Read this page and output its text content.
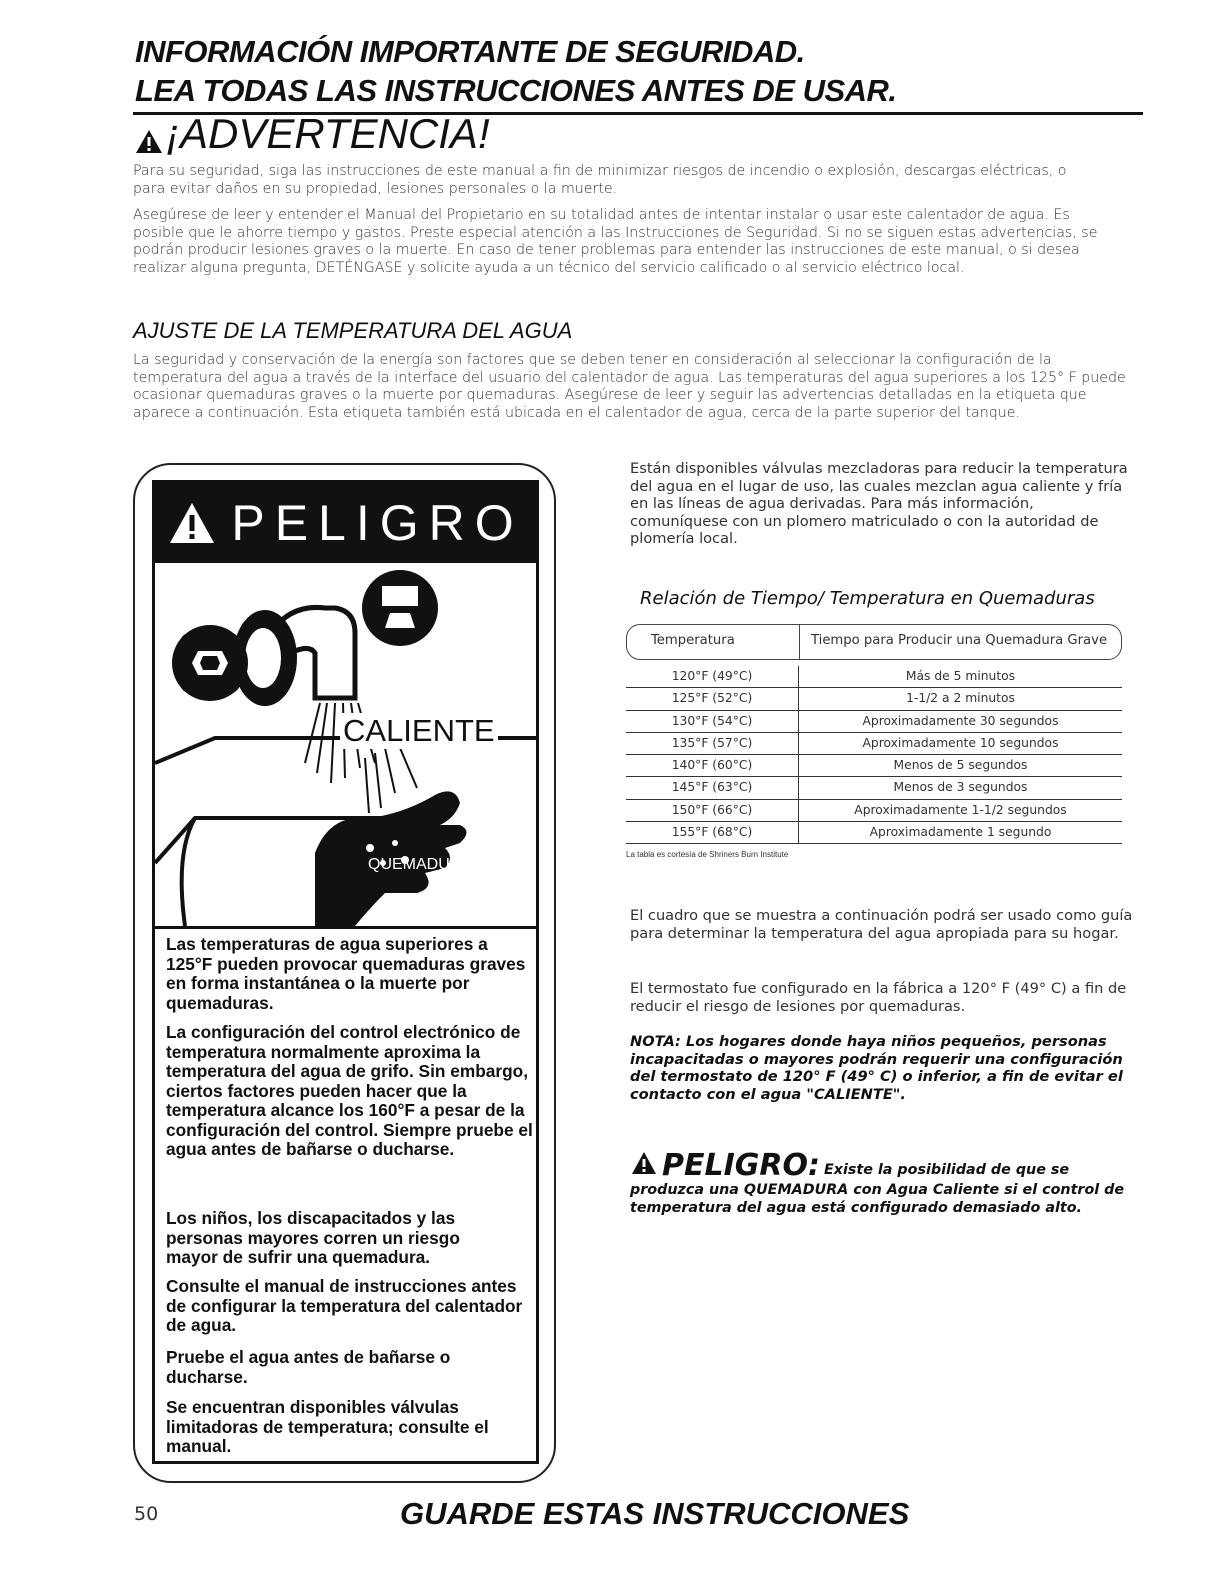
INFORMACIÓN IMPORTANTE DE SEGURIDAD.
LEA TODAS LAS INSTRUCCIONES ANTES DE USAR.
¡ADVERTENCIA!
Para su seguridad, siga las instrucciones de este manual a fin de minimizar riesgos de incendio o explosión, descargas eléctricas, o para evitar daños en su propiedad, lesiones personales o la muerte.
Asegúrese de leer y entender el Manual del Propietario en su totalidad antes de intentar instalar o usar este calentador de agua. Es posible que le ahorre tiempo y gastos. Preste especial atención a las Instrucciones de Seguridad. Si no se siguen estas advertencias, se podrán producir lesiones graves o la muerte. En caso de tener problemas para entender las instrucciones de este manual, o si desea realizar alguna pregunta, DETÉNGASE y solicite ayuda a un técnico del servicio calificado o al servicio eléctrico local.
AJUSTE DE LA TEMPERATURA DEL AGUA
La seguridad y conservación de la energía son factores que se deben tener en consideración al seleccionar la configuración de la temperatura del agua a través de la interface del usuario del calentador de agua. Las temperaturas del agua superiores a los 125° F puede ocasionar quemaduras graves o la muerte por quemaduras. Asegúrese de leer y seguir las advertencias detalladas en la etiqueta que aparece a continuación. Esta etiqueta también está ubicada en el calentador de agua, cerca de la parte superior del tanque.
PELIGRO
CALIENTE
QUEMADURAS
Las temperaturas de agua superiores a 125°F pueden provocar quemaduras graves en forma instantánea o la muerte por quemaduras.
La configuración del control electrónico de temperatura normalmente aproxima la temperatura del agua de grifo. Sin embargo, ciertos factores pueden hacer que la temperatura alcance los 160°F a pesar de la configuración del control. Siempre pruebe el agua antes de bañarse o ducharse.
Los niños, los discapacitados y las personas mayores corren un riesgo mayor de sufrir una quemadura.
Consulte el manual de instrucciones antes de configurar la temperatura del calentador de agua.
Pruebe el agua antes de bañarse o ducharse.
Se encuentran disponibles válvulas limitadoras de temperatura; consulte el manual.
Están disponibles válvulas mezcladoras para reducir la temperatura del agua en el lugar de uso, las cuales mezclan agua caliente y fría en las líneas de agua derivadas. Para más información, comuníquese con un plomero matriculado o con la autoridad de plomería local.
Relación de Tiempo/ Temperatura en Quemaduras
Temperatura	Tiempo para Producir una Quemadura Grave
120°F (49°C)	Más de 5 minutos
125°F (52°C)	1-1/2 a 2 minutos
130°F (54°C)	Aproximadamente 30 segundos
135°F (57°C)	Aproximadamente 10 segundos
140°F (60°C)	Menos de 5 segundos
145°F (63°C)	Menos de 3 segundos
150°F (66°C)	Aproximadamente 1-1/2 segundos
155°F (68°C)	Aproximadamente 1 segundo
La tabla es cortesía de Shriners Burn Institute
El cuadro que se muestra a continuación podrá ser usado como guía para determinar la temperatura del agua apropiada para su hogar.
El termostato fue configurado en la fábrica a 120° F (49° C) a fin de reducir el riesgo de lesiones por quemaduras.
NOTA: Los hogares donde haya niños pequeños, personas incapacitadas o mayores podrán requerir una configuración del termostato de 120° F (49° C) o inferior, a fin de evitar el contacto con el agua "CALIENTE".
PELIGRO: Existe la posibilidad de que se
produzca una QUEMADURA con Agua Caliente si el control de temperatura del agua está configurado demasiado alto.
50	GUARDE ESTAS INSTRUCCIONES
